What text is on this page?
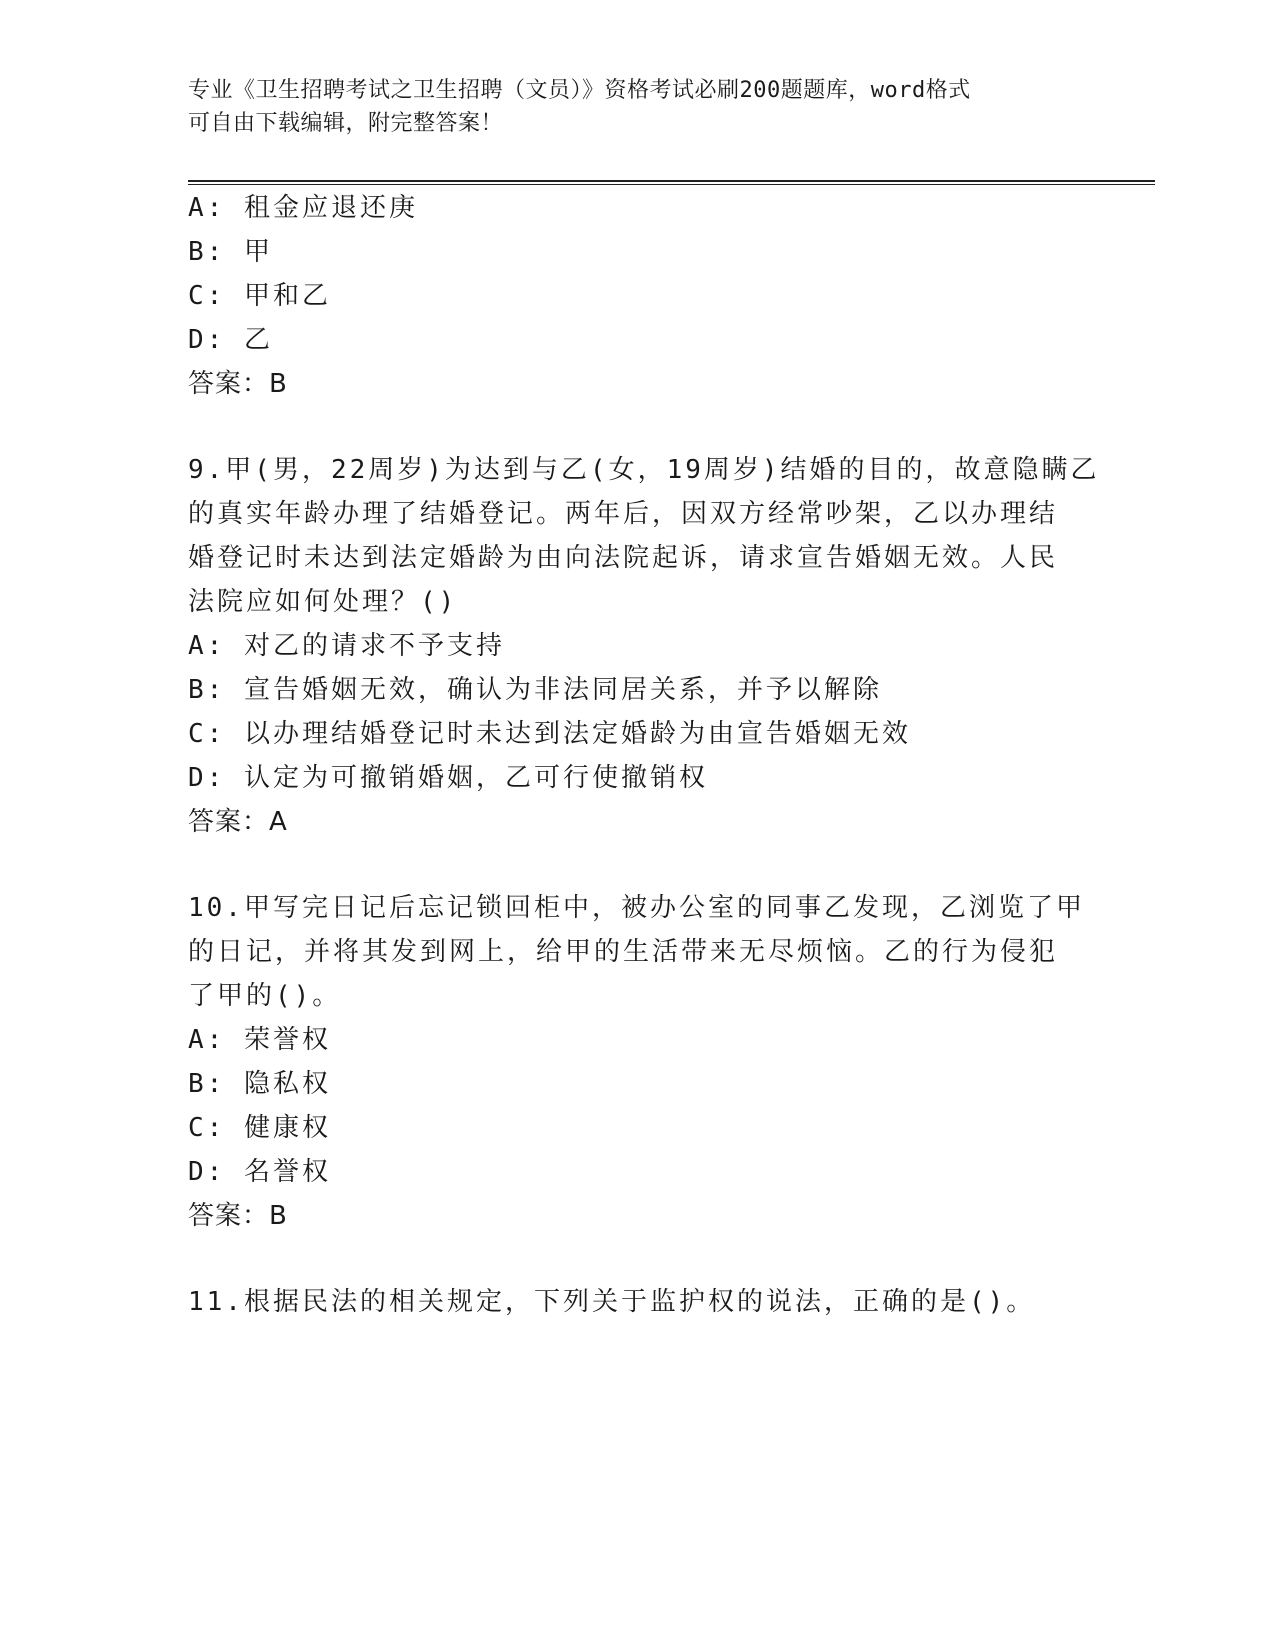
专业《卫生招聘考试之卫生招聘（文员）》资格考试必刷200题题库，word格式
可自由下载编辑，附完整答案！
A: 租金应退还庚
B: 甲
C: 甲和乙
D: 乙
答案：B
9.甲(男，22周岁)为达到与乙(女，19周岁)结婚的目的，故意隐瞒乙
的真实年龄办理了结婚登记。两年后，因双方经常吵架，乙以办理结
婚登记时未达到法定婚龄为由向法院起诉，请求宣告婚姻无效。人民
法院应如何处理？()
A: 对乙的请求不予支持
B: 宣告婚姻无效，确认为非法同居关系，并予以解除
C: 以办理结婚登记时未达到法定婚龄为由宣告婚姻无效
D: 认定为可撤销婚姻，乙可行使撤销权
答案：A
10.甲写完日记后忘记锁回柜中，被办公室的同事乙发现，乙浏览了甲
的日记，并将其发到网上，给甲的生活带来无尽烦恼。乙的行为侵犯
了甲的()。
A: 荣誉权
B: 隐私权
C: 健康权
D: 名誉权
答案：B
11.根据民法的相关规定，下列关于监护权的说法，正确的是()。
